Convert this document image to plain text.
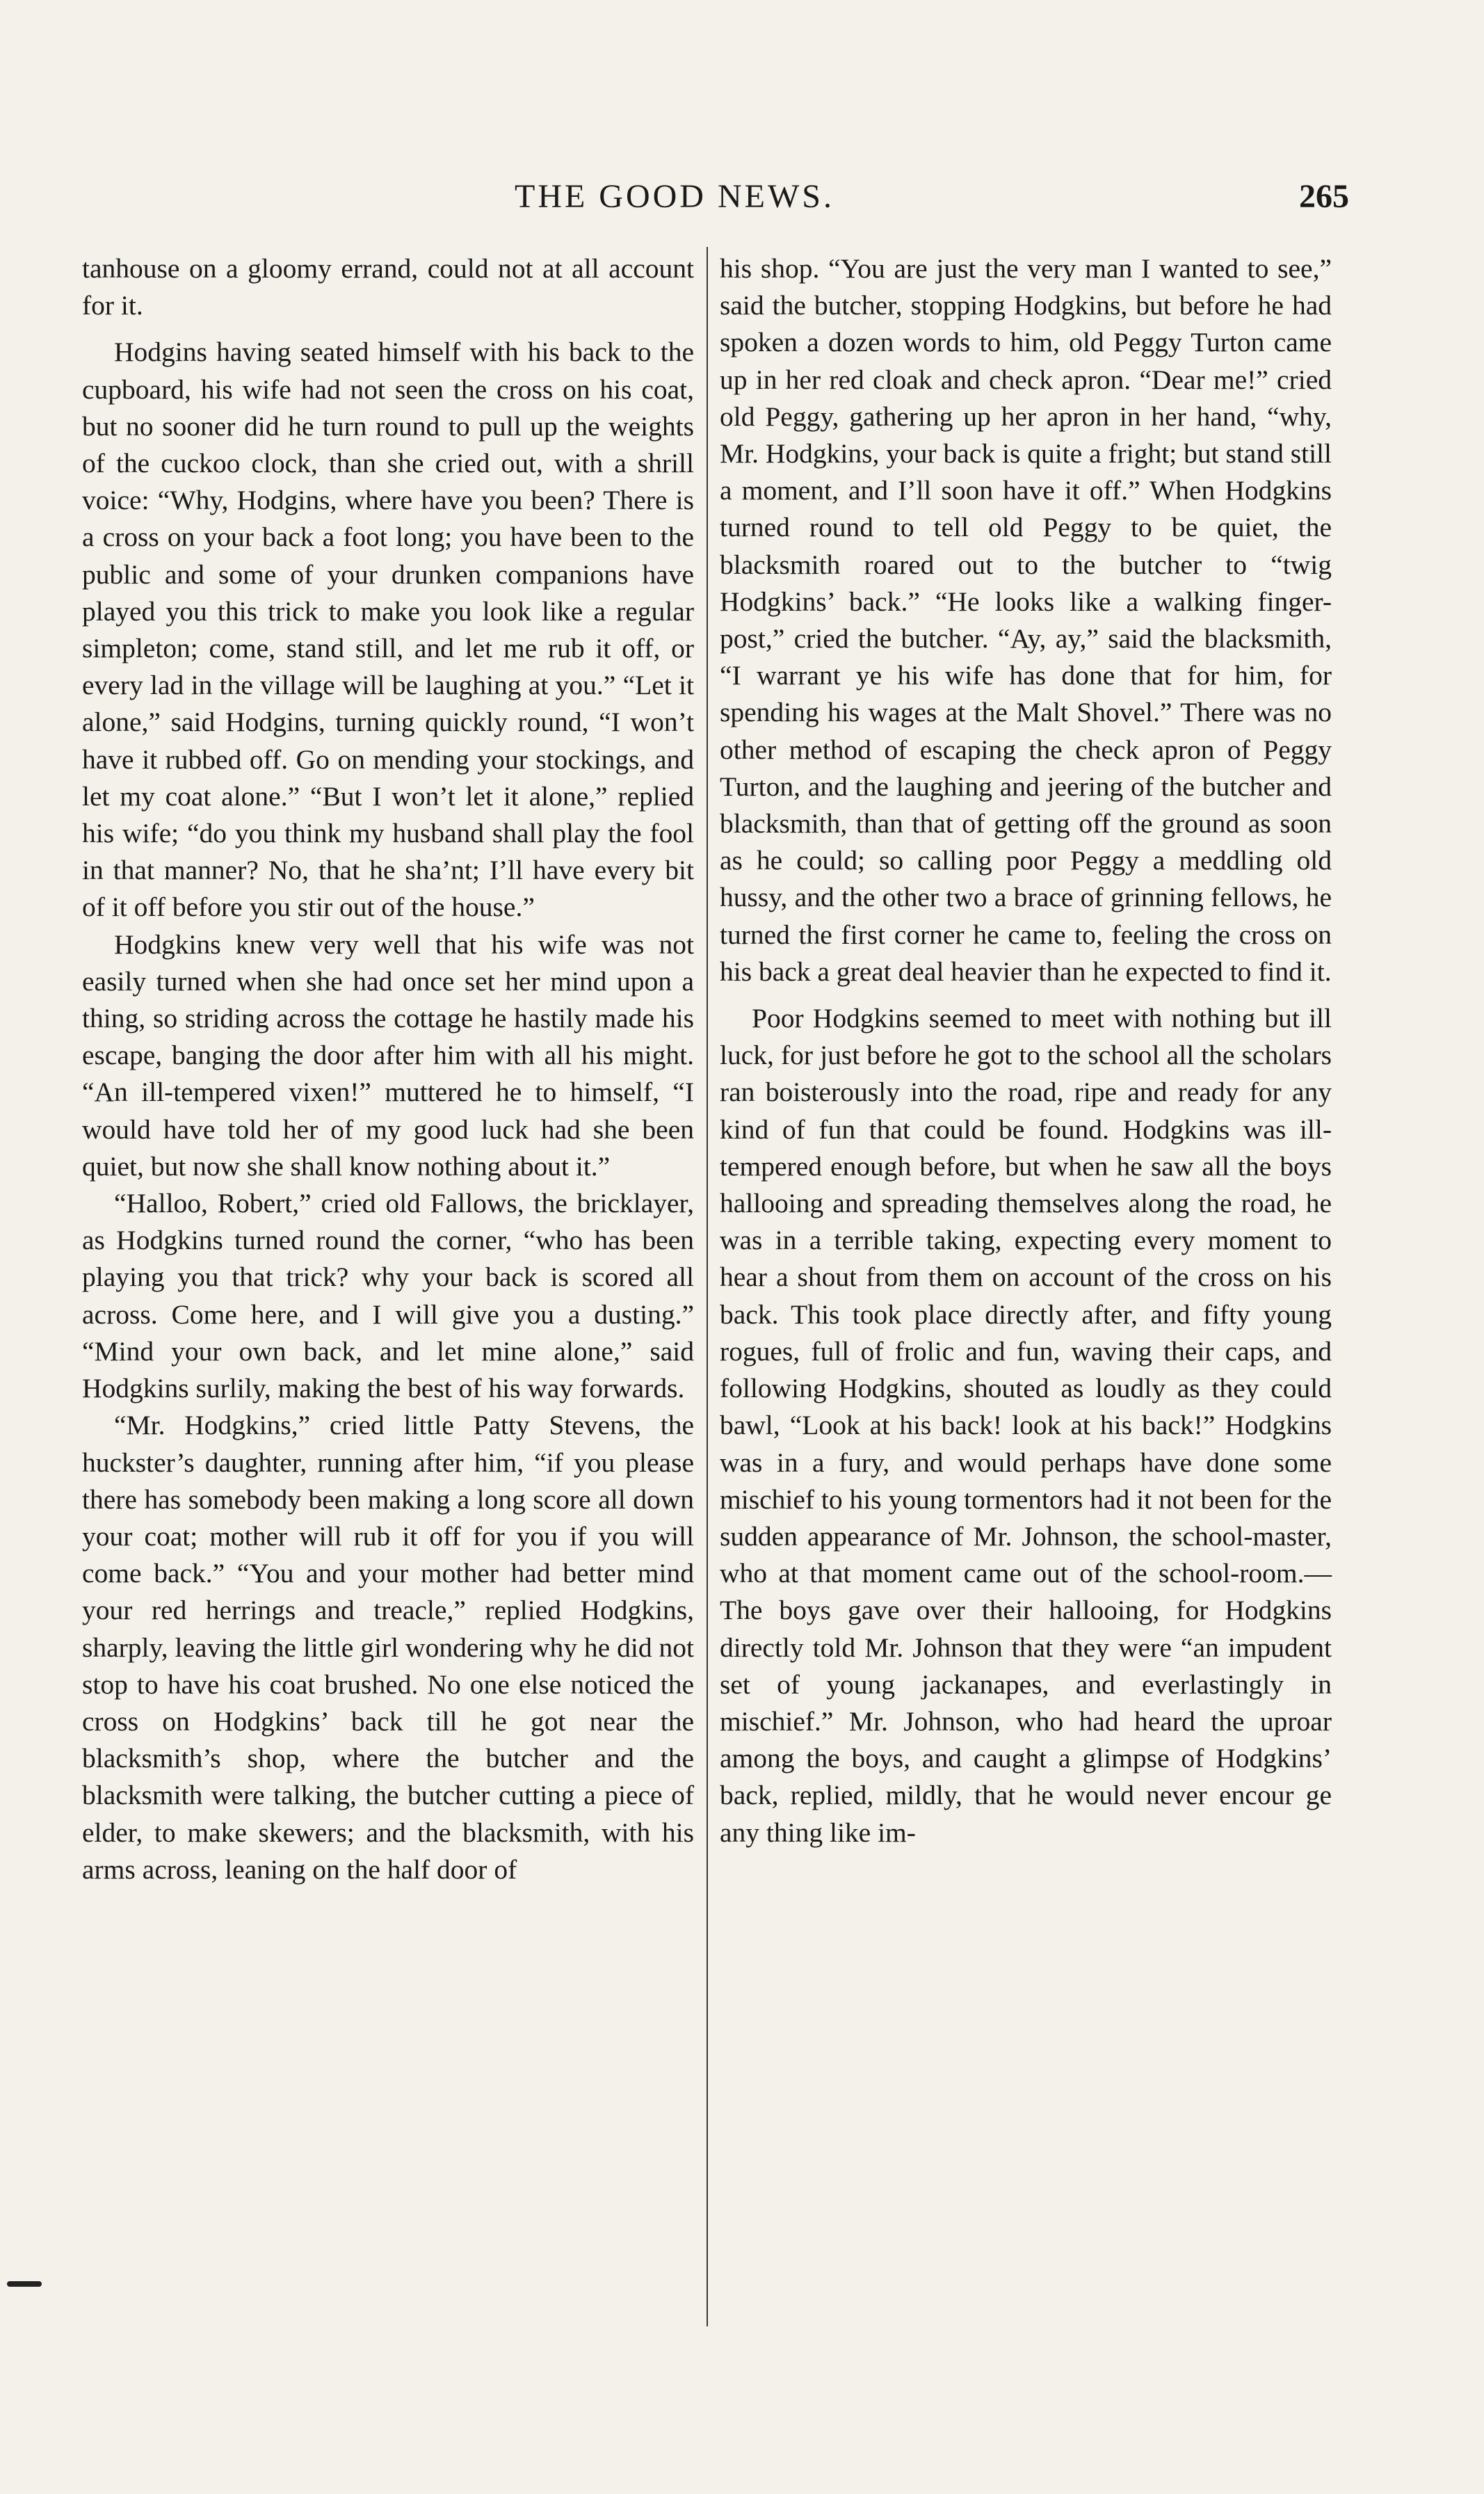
THE GOOD NEWS.	265

tanhouse on a gloomy errand, could not at all account for it.

Hodgins having seated himself with his back to the cupboard, his wife had not seen the cross on his coat, but no sooner did he turn round to pull up the weights of the cuckoo clock, than she cried out, with a shrill voice: “Why, Hodgins, where have you been? There is a cross on your back a foot long; you have been to the public and some of your drunken companions have played you this trick to make you look like a regular simpleton; come, stand still, and let me rub it off, or every lad in the village will be laughing at you.” “Let it alone,” said Hodgins, turning quickly round, “I won’t have it rubbed off. Go on mending your stockings, and let my coat alone.” “But I won’t let it alone,” replied his wife; “do you think my husband shall play the fool in that manner? No, that he sha’nt; I’ll have every bit of it off before you stir out of the house.”

Hodgkins knew very well that his wife was not easily turned when she had once set her mind upon a thing, so striding across the cottage he hastily made his escape, banging the door after him with all his might. “An ill-tempered vixen!” muttered he to himself, “I would have told her of my good luck had she been quiet, but now she shall know nothing about it.”

“Halloo, Robert,” cried old Fallows, the bricklayer, as Hodgkins turned round the corner, “who has been playing you that trick? why your back is scored all across. Come here, and I will give you a dusting.” “Mind your own back, and let mine alone,” said Hodgkins surlily, making the best of his way forwards.

“Mr. Hodgkins,” cried little Patty Stevens, the huckster’s daughter, running after him, “if you please there has somebody been making a long score all down your coat; mother will rub it off for you if you will come back.” “You and your mother had better mind your red herrings and treacle,” replied Hodgkins, sharply, leaving the little girl wondering why he did not stop to have his coat brushed. No one else noticed the cross on Hodgkins’ back till he got near the blacksmith’s shop, where the butcher and the blacksmith were talking, the butcher cutting a piece of elder, to make skewers; and the blacksmith, with his arms across, leaning on the half door of

his shop. “You are just the very man I wanted to see,” said the butcher, stopping Hodgkins, but before he had spoken a dozen words to him, old Peggy Turton came up in her red cloak and check apron. “Dear me!” cried old Peggy, gathering up her apron in her hand, “why, Mr. Hodgkins, your back is quite a fright; but stand still a moment, and I’ll soon have it off.” When Hodgkins turned round to tell old Peggy to be quiet, the blacksmith roared out to the butcher to “twig Hodgkins’ back.” “He looks like a walking finger-post,” cried the butcher. “Ay, ay,” said the blacksmith, “I warrant ye his wife has done that for him, for spending his wages at the Malt Shovel.” There was no other method of escaping the check apron of Peggy Turton, and the laughing and jeering of the butcher and blacksmith, than that of getting off the ground as soon as he could; so calling poor Peggy a meddling old hussy, and the other two a brace of grinning fellows, he turned the first corner he came to, feeling the cross on his back a great deal heavier than he expected to find it.

Poor Hodgkins seemed to meet with nothing but ill luck, for just before he got to the school all the scholars ran boisterously into the road, ripe and ready for any kind of fun that could be found. Hodgkins was ill-tempered enough before, but when he saw all the boys hallooing and spreading themselves along the road, he was in a terrible taking, expecting every moment to hear a shout from them on account of the cross on his back. This took place directly after, and fifty young rogues, full of frolic and fun, waving their caps, and following Hodgkins, shouted as loudly as they could bawl, “Look at his back! look at his back!” Hodgkins was in a fury, and would perhaps have done some mischief to his young tormentors had it not been for the sudden appearance of Mr. Johnson, the school-master, who at that moment came out of the school-room.— The boys gave over their hallooing, for Hodgkins directly told Mr. Johnson that they were “an impudent set of young jackanapes, and everlastingly in mischief.” Mr. Johnson, who had heard the uproar among the boys, and caught a glimpse of Hodgkins’ back, replied, mildly, that he would never encour ge any thing like im-
